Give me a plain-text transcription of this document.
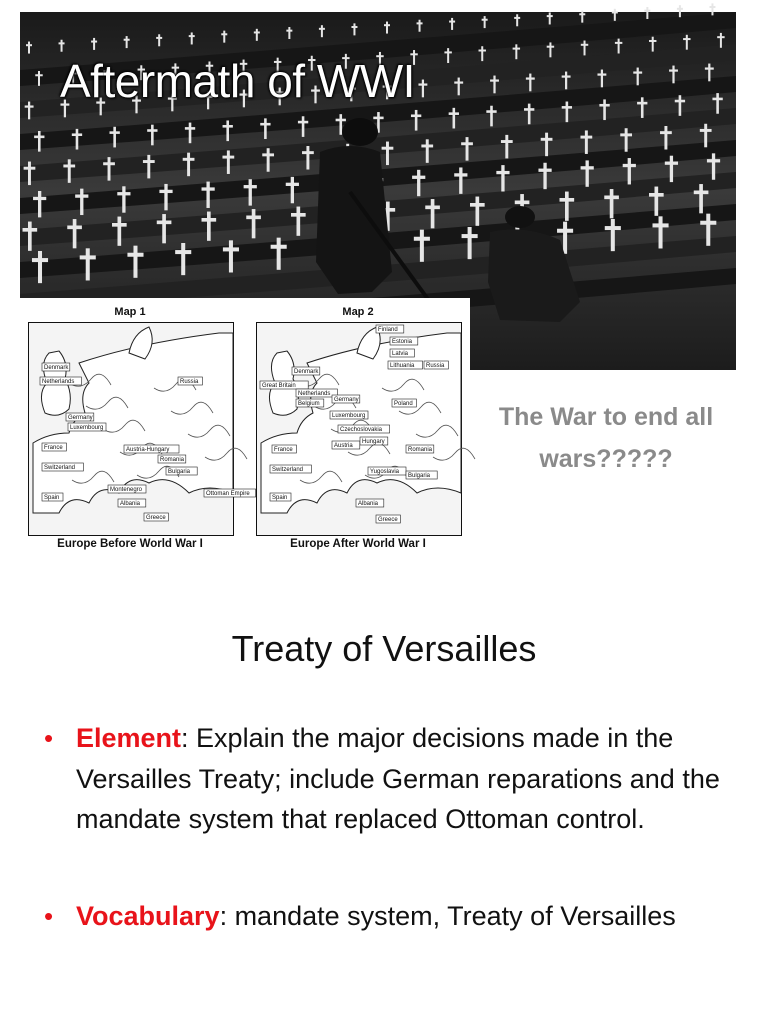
Aftermath of WWI
Map 1
Denmark
Netherlands	Russia
Germany
Luxembourg
France
Switzerland
Austria-Hungary
Romania
Bulgaria
Montenegro
Albania
Ottoman Empire
Spain
Greece
Europe Before World War I
Map 2
Finland
Estonia
Latvia
Lithuania Russia
Denmark
Great Britain
Netherlands
Belgium
Germany
Poland
Luxembourg
Czechoslovakia
France
Switzerland
Austria
Hungary
Romania
Yugoslavia
Bulgaria
Albania
Spain
Greece
Europe After World War I

The War to end all
wars?????

Treaty of Versailles
• Element: Explain the major decisions made in the Versailles Treaty; include German reparations and the mandate system that replaced Ottoman control.
• Vocabulary: mandate system, Treaty of Versailles
